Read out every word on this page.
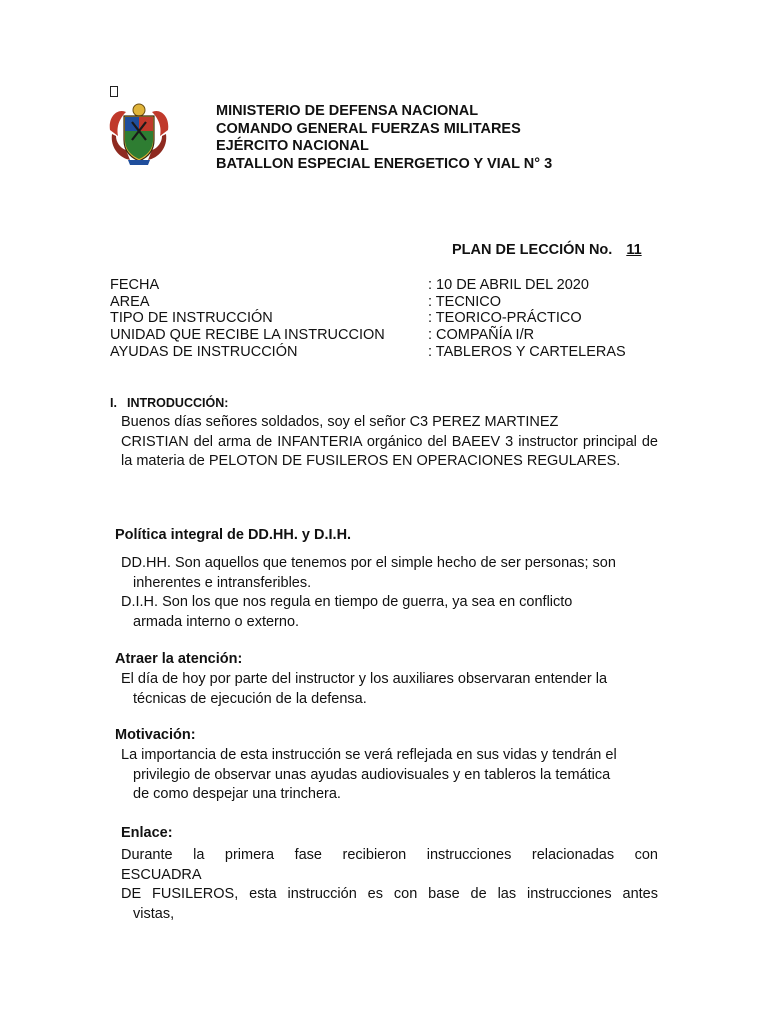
MINISTERIO DE DEFENSA NACIONAL
COMANDO GENERAL FUERZAS MILITARES
EJÉRCITO NACIONAL
BATALLON ESPECIAL ENERGETICO Y VIAL N° 3
PLAN DE LECCIÓN No. 11
FECHA	: 10 DE ABRIL DEL 2020
AREA	: TECNICO
TIPO DE INSTRUCCIÓN	: TEORICO-PRÁCTICO
UNIDAD QUE RECIBE LA INSTRUCCION	: COMPAÑÍA I/R
AYUDAS DE INSTRUCCIÓN	: TABLEROS Y CARTELERAS
I. INTRODUCCIÓN:
Buenos días señores soldados, soy el señor C3 PEREZ MARTINEZ
CRISTIAN del arma de INFANTERIA orgánico del BAEEV 3 instructor principal de la materia de PELOTON DE FUSILEROS EN OPERACIONES REGULARES.
Política integral de DD.HH. y D.I.H.
DD.HH. Son aquellos que tenemos por el simple hecho de ser personas; son
inherentes e intransferibles.
D.I.H. Son los que nos regula en tiempo de guerra, ya sea en conflicto
armada interno o externo.
Atraer la atención:
El día de hoy por parte del instructor y los auxiliares observaran entender la
técnicas de ejecución de la defensa.
Motivación:
La importancia de esta instrucción se verá reflejada en sus vidas y tendrán el
privilegio de observar unas ayudas audiovisuales y en tableros la temática
de como despejar una trinchera.
Enlace:
Durante la primera fase recibieron instrucciones relacionadas con
ESCUADRA
DE FUSILEROS, esta instrucción es con base de las instrucciones antes
vistas,
